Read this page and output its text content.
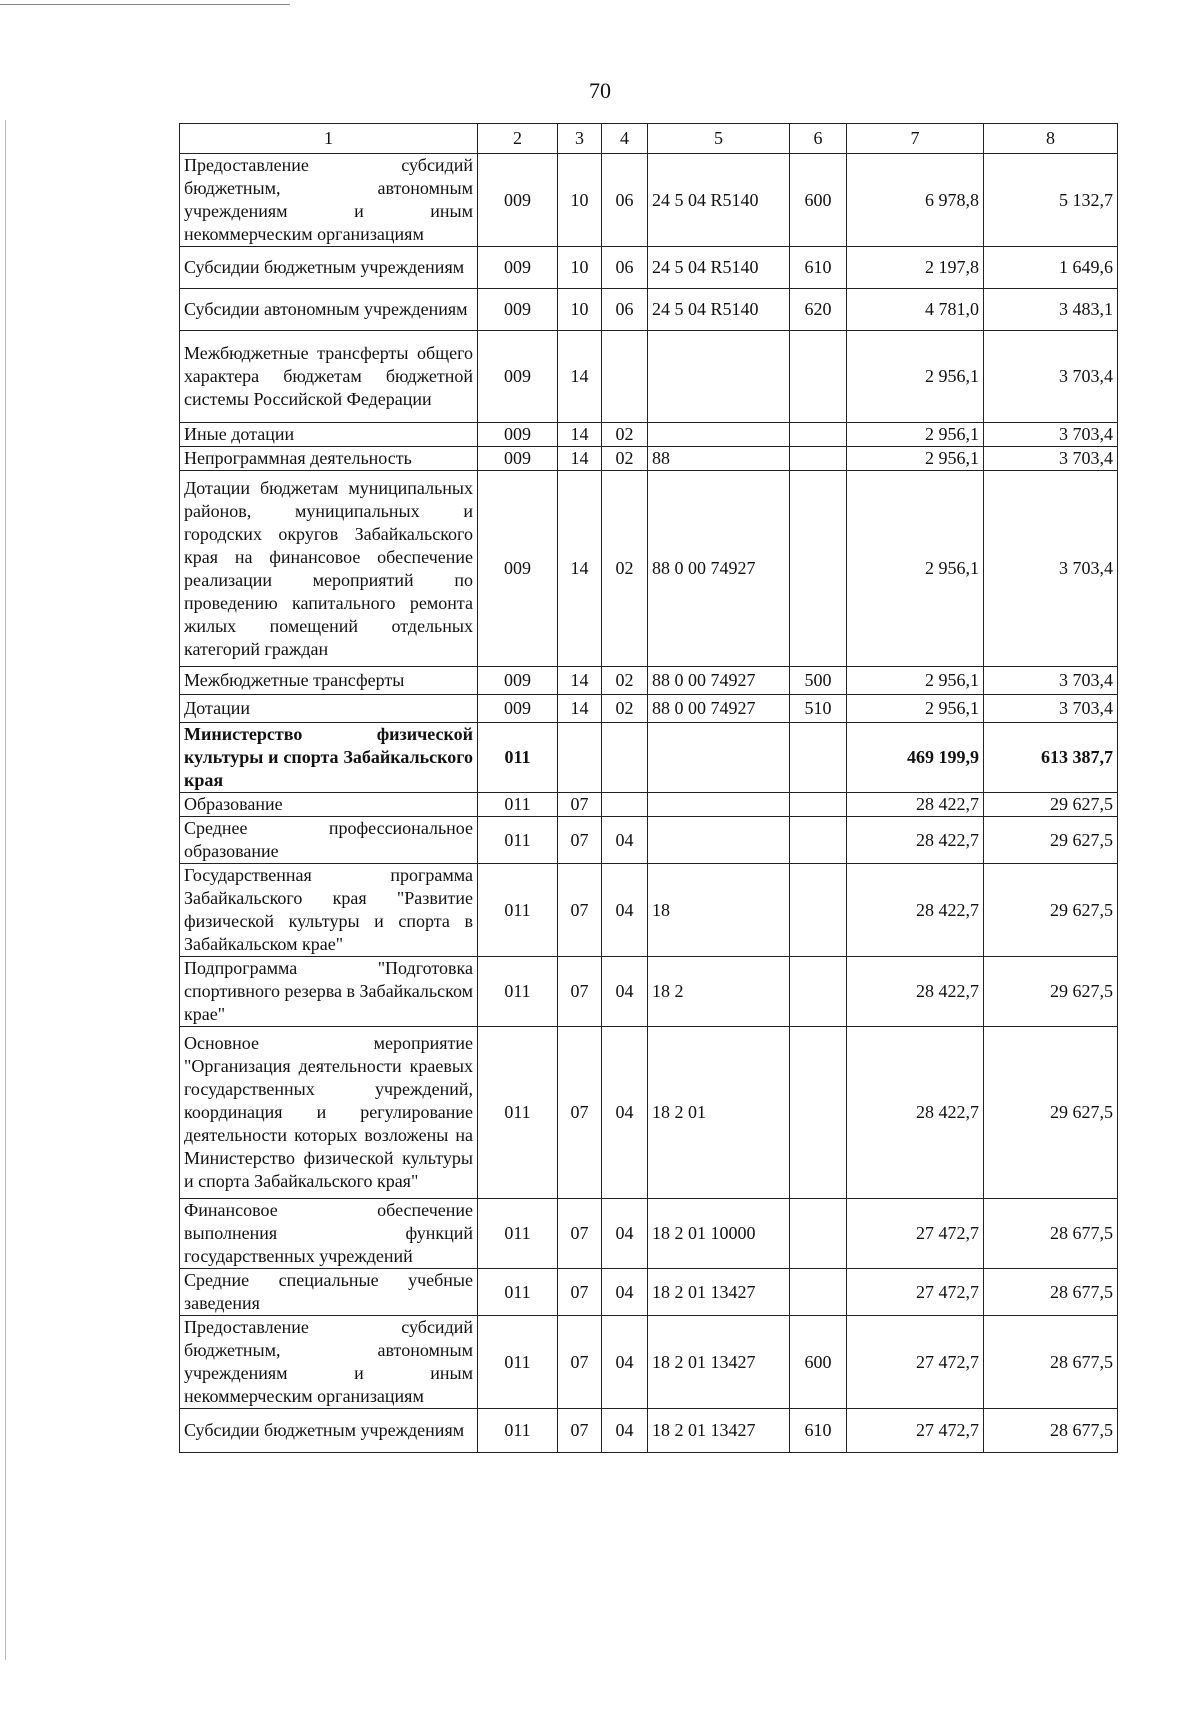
70
1	2	3	4	5	6	7	8
Предоставление субсидий бюджетным, автономным учреждениям и иным некоммерческим организациям	009	10	06	24 5 04 R5140	600	6 978,8	5 132,7
Субсидии бюджетным учреждениям	009	10	06	24 5 04 R5140	610	2 197,8	1 649,6
Субсидии автономным учреждениям	009	10	06	24 5 04 R5140	620	4 781,0	3 483,1
Межбюджетные трансферты общего характера бюджетам бюджетной системы Российской Федерации	009	14				2 956,1	3 703,4
Иные дотации	009	14	02			2 956,1	3 703,4
Непрограммная деятельность	009	14	02	88		2 956,1	3 703,4
Дотации бюджетам муниципальных районов, муниципальных и городских округов Забайкальского края на финансовое обеспечение реализации мероприятий по проведению капитального ремонта жилых помещений отдельных категорий граждан	009	14	02	88 0 00 74927		2 956,1	3 703,4
Межбюджетные трансферты	009	14	02	88 0 00 74927	500	2 956,1	3 703,4
Дотации	009	14	02	88 0 00 74927	510	2 956,1	3 703,4
Министерство физической культуры и спорта Забайкальского края	011					469 199,9	613 387,7
Образование	011	07				28 422,7	29 627,5
Среднее профессиональное образование	011	07	04			28 422,7	29 627,5
Государственная программа Забайкальского края "Развитие физической культуры и спорта в Забайкальском крае"	011	07	04	18		28 422,7	29 627,5
Подпрограмма "Подготовка спортивного резерва в Забайкальском крае"	011	07	04	18 2		28 422,7	29 627,5
Основное мероприятие "Организация деятельности краевых государственных учреждений, координация и регулирование деятельности которых возложены на Министерство физической культуры и спорта Забайкальского края"	011	07	04	18 2 01		28 422,7	29 627,5
Финансовое обеспечение выполнения функций государственных учреждений	011	07	04	18 2 01 10000		27 472,7	28 677,5
Средние специальные учебные заведения	011	07	04	18 2 01 13427		27 472,7	28 677,5
Предоставление субсидий бюджетным, автономным учреждениям и иным некоммерческим организациям	011	07	04	18 2 01 13427	600	27 472,7	28 677,5
Субсидии бюджетным учреждениям	011	07	04	18 2 01 13427	610	27 472,7	28 677,5
